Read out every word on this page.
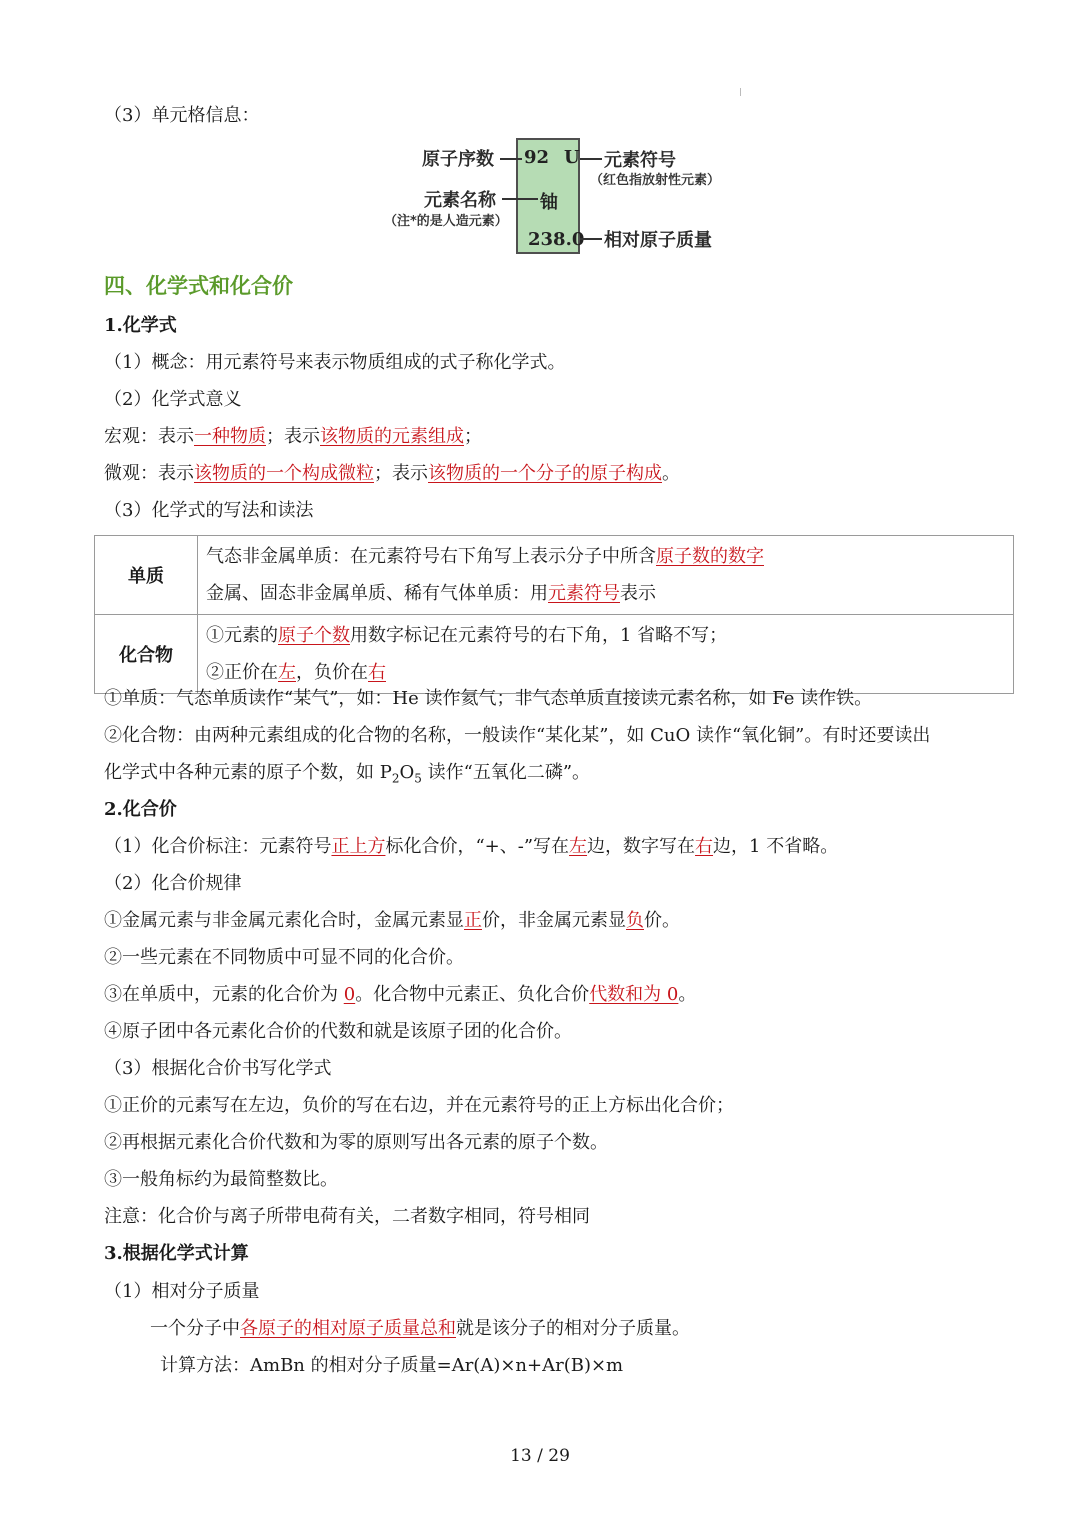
（3）单元格信息：
92 U
铀
238.0
原子序数	元素符号
（红色指放射性元素）
元素名称
（注*的是人造元素）
相对原子质量
四、化学式和化合价
1.化学式
（1）概念：用元素符号来表示物质组成的式子称化学式。
（2）化学式意义
宏观：表示一种物质；表示该物质的元素组成；
微观：表示该物质的一个构成微粒；表示该物质的一个分子的原子构成。
（3）化学式的写法和读法
单质	气态非金属单质：在元素符号右下角写上表示分子中所含原子数的数字
金属、固态非金属单质、稀有气体单质：用元素符号表示

化合物	①元素的原子个数用数字标记在元素符号的右下角，1 省略不写；
②正价在左，负价在右
①单质：气态单质读作“某气”，如：He 读作氦气；非气态单质直接读元素名称，如 Fe 读作铁。
②化合物：由两种元素组成的化合物的名称，一般读作“某化某”，如 CuO 读作“氧化铜”。有时还要读出
化学式中各种元素的原子个数，如 $P_2O_5$ 读作“五氧化二磷”。
2.化合价
（1）化合价标注：元素符号正上方标化合价，“+、-”写在左边，数字写在右边，1 不省略。
（2）化合价规律
①金属元素与非金属元素化合时，金属元素显正价，非金属元素显负价。
②一些元素在不同物质中可显不同的化合价。
③在单质中，元素的化合价为 0。化合物中元素正、负化合价代数和为 0。
④原子团中各元素化合价的代数和就是该原子团的化合价。
（3）根据化合价书写化学式
①正价的元素写在左边，负价的写在右边，并在元素符号的正上方标出化合价；
②再根据元素化合价代数和为零的原则写出各元素的原子个数。
③一般角标约为最简整数比。
注意：化合价与离子所带电荷有关，二者数字相同，符号相同
3.根据化学式计算
（1）相对分子质量
一个分子中各原子的相对原子质量总和就是该分子的相对分子质量。
计算方法：AmBn 的相对分子质量=Ar(A)×n+Ar(B)×m
13 / 29
